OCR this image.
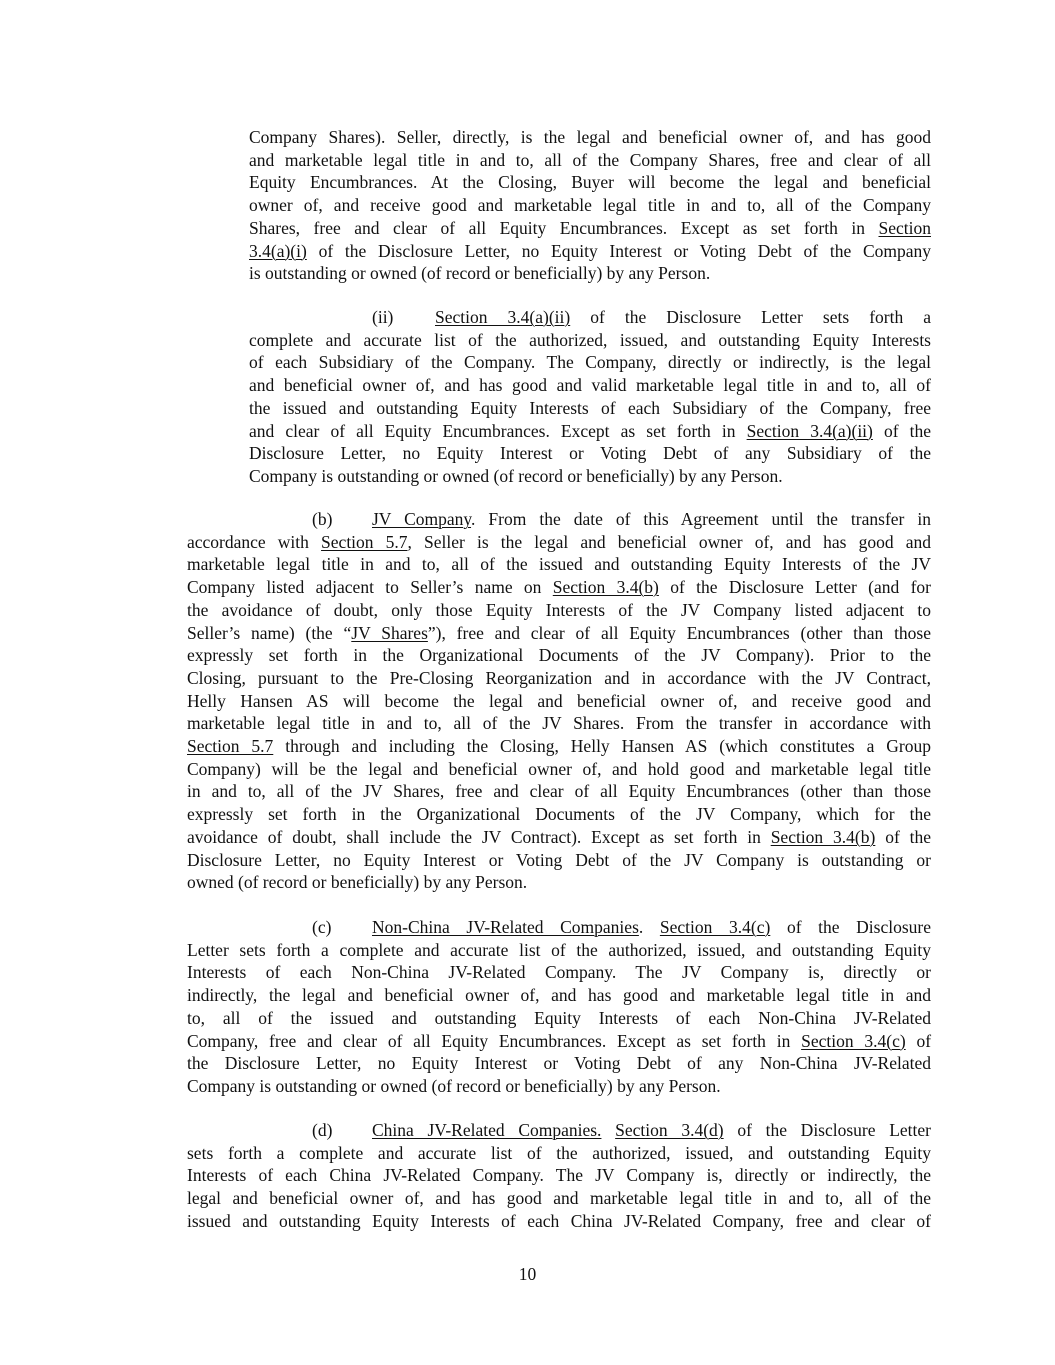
Company Shares). Seller, directly, is the legal and beneficial owner of, and has good
and marketable legal title in and to, all of the Company Shares, free and clear of all
Equity Encumbrances. At the Closing, Buyer will become the legal and beneficial
owner of, and receive good and marketable legal title in and to, all of the Company
Shares, free and clear of all Equity Encumbrances. Except as set forth in Section
3.4(a)(i) of the Disclosure Letter, no Equity Interest or Voting Debt of the Company
is outstanding or owned (of record or beneficially) by any Person.
(ii) Section 3.4(a)(ii) of the Disclosure Letter sets forth a
complete and accurate list of the authorized, issued, and outstanding Equity Interests
of each Subsidiary of the Company. The Company, directly or indirectly, is the legal
and beneficial owner of, and has good and valid marketable legal title in and to, all of
the issued and outstanding Equity Interests of each Subsidiary of the Company, free
and clear of all Equity Encumbrances. Except as set forth in Section 3.4(a)(ii) of the
Disclosure Letter, no Equity Interest or Voting Debt of any Subsidiary of the
Company is outstanding or owned (of record or beneficially) by any Person.
(b) JV Company. From the date of this Agreement until the transfer in
accordance with Section 5.7, Seller is the legal and beneficial owner of, and has good and
marketable legal title in and to, all of the issued and outstanding Equity Interests of the JV
Company listed adjacent to Seller’s name on Section 3.4(b) of the Disclosure Letter (and for
the avoidance of doubt, only those Equity Interests of the JV Company listed adjacent to
Seller’s name) (the “JV Shares”), free and clear of all Equity Encumbrances (other than those
expressly set forth in the Organizational Documents of the JV Company). Prior to the
Closing, pursuant to the Pre-Closing Reorganization and in accordance with the JV Contract,
Helly Hansen AS will become the legal and beneficial owner of, and receive good and
marketable legal title in and to, all of the JV Shares. From the transfer in accordance with
Section 5.7 through and including the Closing, Helly Hansen AS (which constitutes a Group
Company) will be the legal and beneficial owner of, and hold good and marketable legal title
in and to, all of the JV Shares, free and clear of all Equity Encumbrances (other than those
expressly set forth in the Organizational Documents of the JV Company, which for the
avoidance of doubt, shall include the JV Contract). Except as set forth in Section 3.4(b) of the
Disclosure Letter, no Equity Interest or Voting Debt of the JV Company is outstanding or
owned (of record or beneficially) by any Person.
(c) Non-China JV-Related Companies. Section 3.4(c) of the Disclosure
Letter sets forth a complete and accurate list of the authorized, issued, and outstanding Equity
Interests of each Non-China JV-Related Company. The JV Company is, directly or
indirectly, the legal and beneficial owner of, and has good and marketable legal title in and
to, all of the issued and outstanding Equity Interests of each Non-China JV-Related
Company, free and clear of all Equity Encumbrances. Except as set forth in Section 3.4(c) of
the Disclosure Letter, no Equity Interest or Voting Debt of any Non-China JV-Related
Company is outstanding or owned (of record or beneficially) by any Person.
(d) China JV-Related Companies. Section 3.4(d) of the Disclosure Letter
sets forth a complete and accurate list of the authorized, issued, and outstanding Equity
Interests of each China JV-Related Company. The JV Company is, directly or indirectly, the
legal and beneficial owner of, and has good and marketable legal title in and to, all of the
issued and outstanding Equity Interests of each China JV-Related Company, free and clear of
10
